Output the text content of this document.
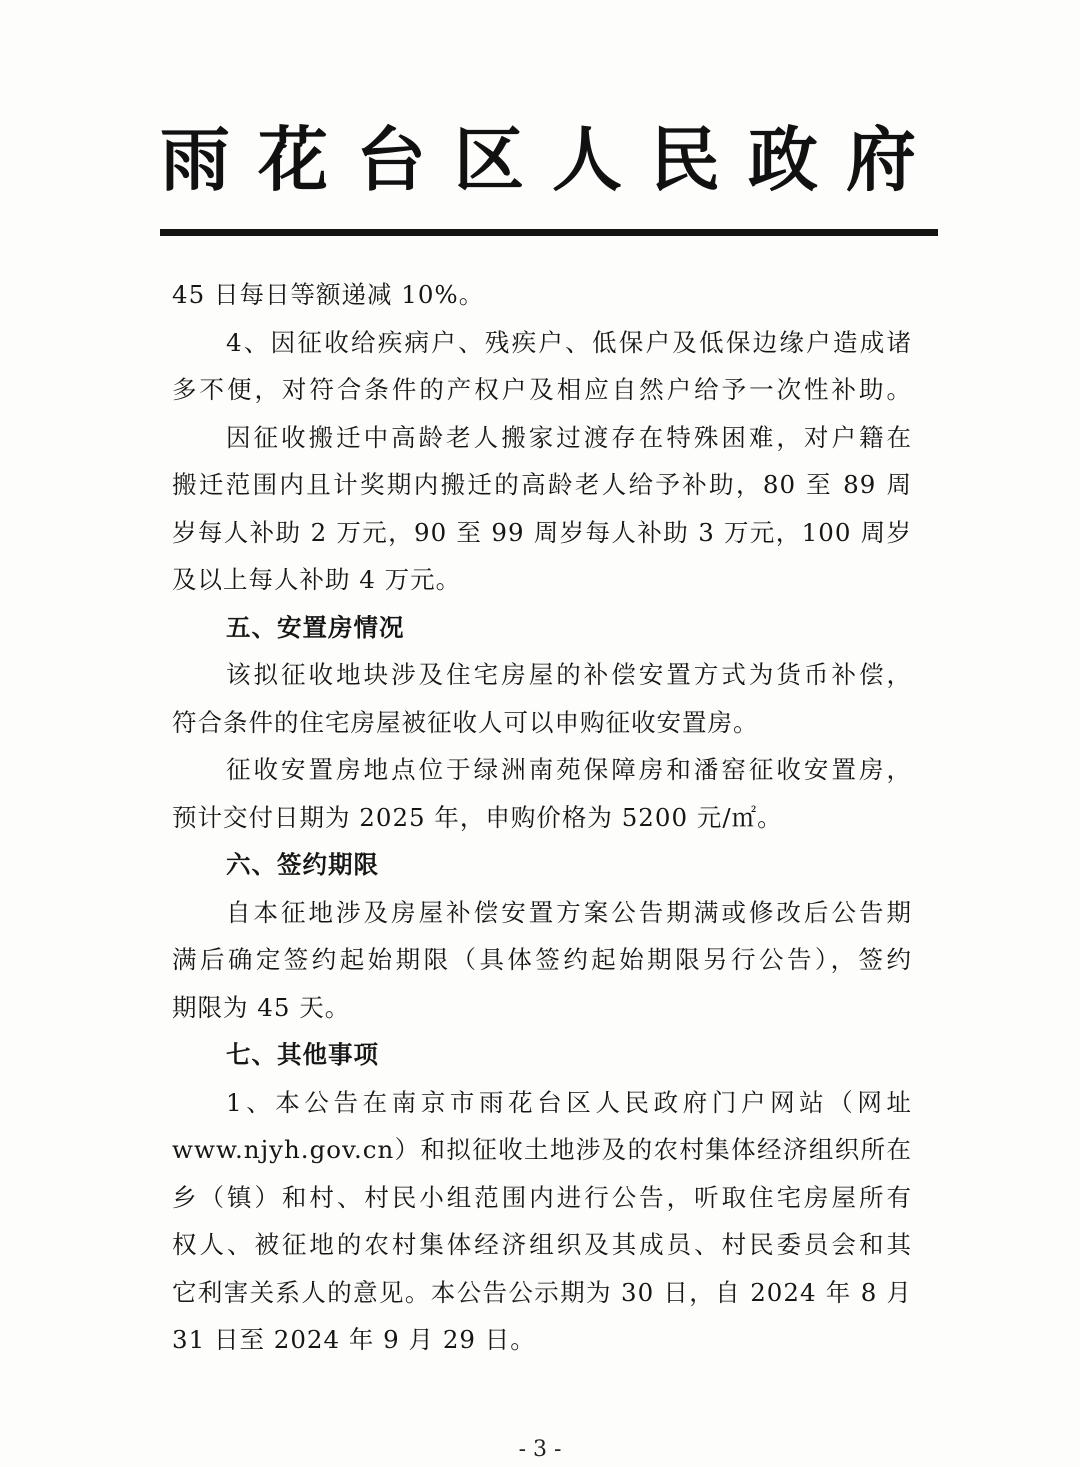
雨花台区人民政府
45 日每日等额递减 10%。
4、因征收给疾病户、残疾户、低保户及低保边缘户造成诸
多不便，对符合条件的产权户及相应自然户给予一次性补助。
因征收搬迁中高龄老人搬家过渡存在特殊困难，对户籍在
搬迁范围内且计奖期内搬迁的高龄老人给予补助，80 至 89 周
岁每人补助 2 万元，90 至 99 周岁每人补助 3 万元，100 周岁
及以上每人补助 4 万元。
五、安置房情况
该拟征收地块涉及住宅房屋的补偿安置方式为货币补偿，
符合条件的住宅房屋被征收人可以申购征收安置房。
征收安置房地点位于绿洲南苑保障房和潘窑征收安置房，
预计交付日期为 2025 年，申购价格为 5200 元/㎡。
六、签约期限
自本征地涉及房屋补偿安置方案公告期满或修改后公告期
满后确定签约起始期限（具体签约起始期限另行公告），签约
期限为 45 天。
七、其他事项
1、本公告在南京市雨花台区人民政府门户网站（网址
www.njyh.gov.cn）和拟征收土地涉及的农村集体经济组织所在
乡（镇）和村、村民小组范围内进行公告，听取住宅房屋所有
权人、被征地的农村集体经济组织及其成员、村民委员会和其
它利害关系人的意见。本公告公示期为 30 日，自 2024 年 8 月
31 日至 2024 年 9 月 29 日。
- 3 -
